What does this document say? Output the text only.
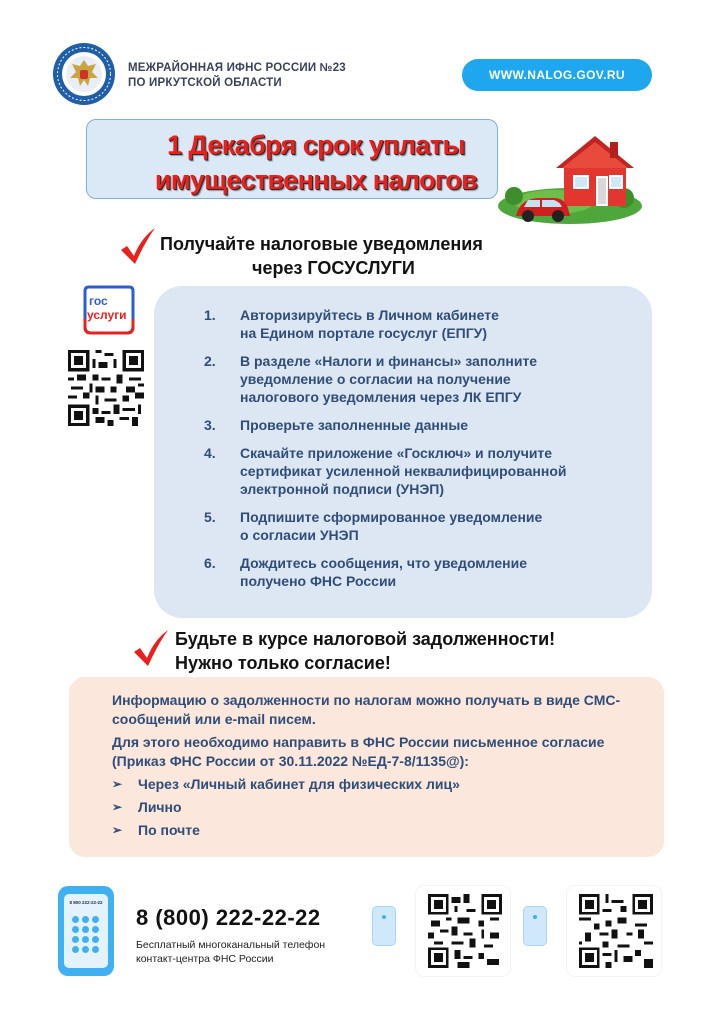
МЕЖРАЙОННАЯ ИФНС РОССИИ №23
ПО ИРКУТСКОЙ ОБЛАСТИ
WWW.NALOG.GOV.RU
1 Декабря срок уплаты
имущественных налогов
Получайте налоговые уведомления
через ГОСУСЛУГИ
гос
услуги	1.	Авторизируйтесь в Личном кабинете
на Едином портале госуслуг (ЕПГУ)
2.	В разделе «Налоги и финансы» заполните
уведомление о согласии на получение
налогового уведомления через ЛК ЕПГУ
3.	Проверьте заполненные данные
4.	Скачайте приложение «Госключ» и получите
сертификат усиленной неквалифицированной
электронной подписи (УНЭП)
5.	Подпишите сформированное уведомление
о согласии УНЭП
6.	Дождитесь сообщения, что уведомление
получено ФНС России
Будьте в курсе налоговой задолженности!
Нужно только согласие!

Информацию о задолженности по налогам можно получать в виде СМС-сообщений или e-mail писем.

Для этого необходимо направить в ФНС России письменное согласие (Приказ ФНС России от 30.11.2022 №ЕД-7-8/1135@):

➢	Через «Личный кабинет для физических лиц»
➢	Лично
➢	По почте
8 800 222-22-22
8 (800) 222-22-22
Бесплатный многоканальный телефон
контакт-центра ФНС России
